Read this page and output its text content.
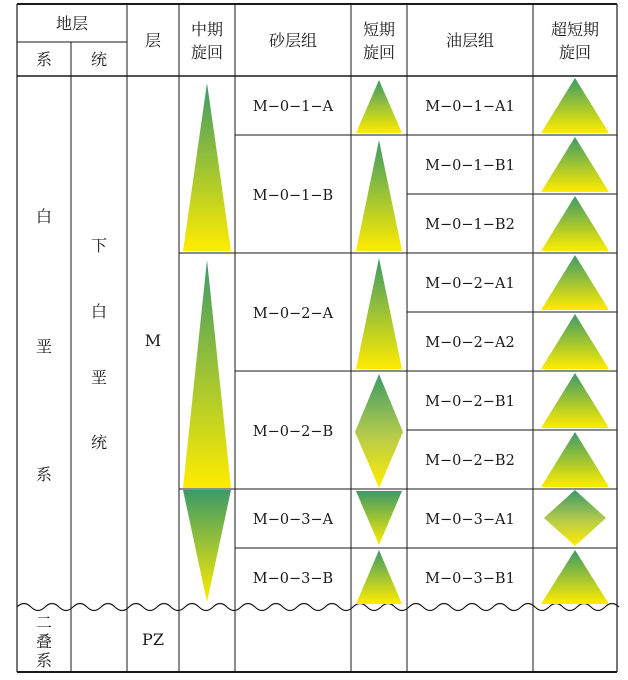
地层
系 统
层
中期
旋回
砂层组
短期
旋回
油层组
超短期
旋回
白
垩
系
下
白
垩
统
M
二
叠
系
PZ
M−0−1−A
M−0−1−B
M−0−2−A
M−0−2−B
M−0−3−A
M−0−3−B
M−0−1−A1
M−0−1−B1
M−0−1−B2
M−0−2−A1
M−0−2−A2
M−0−2−B1
M−0−2−B2
M−0−3−A1
M−0−3−B1
